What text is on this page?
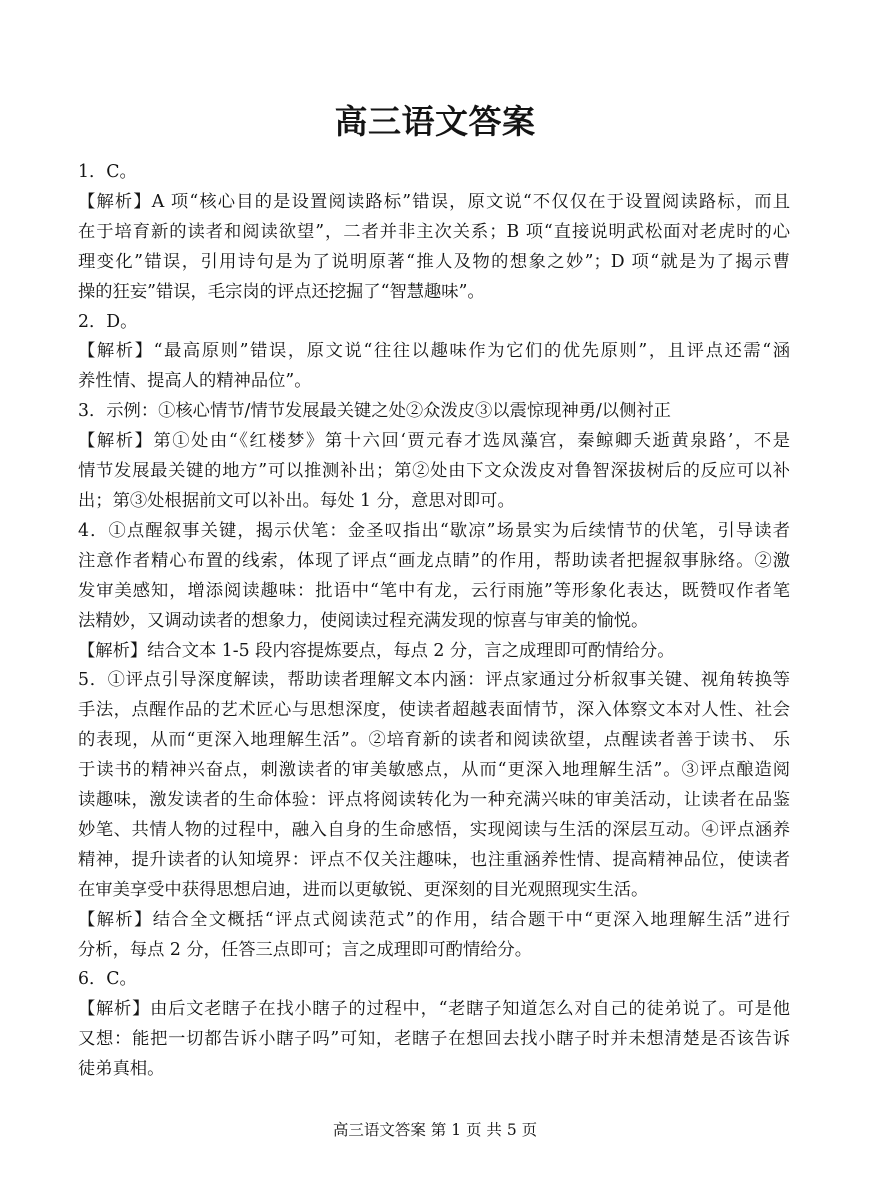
高三语文答案
1．C。
【解析】A 项“核心目的是设置阅读路标”错误，原文说“不仅仅在于设置阅读路标，而且
在于培育新的读者和阅读欲望”，二者并非主次关系；B 项“直接说明武松面对老虎时的心
理变化”错误，引用诗句是为了说明原著“推人及物的想象之妙”；D 项“就是为了揭示曹
操的狂妄”错误，毛宗岗的评点还挖掘了“智慧趣味”。
2．D。
【解析】“最高原则”错误，原文说“往往以趣味作为它们的优先原则”，且评点还需“涵
养性情、提高人的精神品位”。
3．示例：①核心情节/情节发展最关键之处②众泼皮③以震惊现神勇/以侧衬正
【解析】第①处由“《红楼梦》第十六回‘贾元春才选凤藻宫，秦鲸卿夭逝黄泉路’，不是
情节发展最关键的地方”可以推测补出；第②处由下文众泼皮对鲁智深拔树后的反应可以补
出；第③处根据前文可以补出。每处 1 分，意思对即可。
4．①点醒叙事关键，揭示伏笔：金圣叹指出“歇凉”场景实为后续情节的伏笔，引导读者
注意作者精心布置的线索，体现了评点“画龙点睛”的作用，帮助读者把握叙事脉络。②激
发审美感知，增添阅读趣味：批语中“笔中有龙，云行雨施”等形象化表达，既赞叹作者笔
法精妙，又调动读者的想象力，使阅读过程充满发现的惊喜与审美的愉悦。
【解析】结合文本 1-5 段内容提炼要点，每点 2 分，言之成理即可酌情给分。
5．①评点引导深度解读，帮助读者理解文本内涵：评点家通过分析叙事关键、视角转换等
手法，点醒作品的艺术匠心与思想深度，使读者超越表面情节，深入体察文本对人性、社会
的表现，从而“更深入地理解生活”。②培育新的读者和阅读欲望，点醒读者善于读书、 乐
于读书的精神兴奋点，刺激读者的审美敏感点，从而“更深入地理解生活”。③评点酿造阅
读趣味，激发读者的生命体验：评点将阅读转化为一种充满兴味的审美活动，让读者在品鉴
妙笔、共情人物的过程中，融入自身的生命感悟，实现阅读与生活的深层互动。④评点涵养
精神，提升读者的认知境界：评点不仅关注趣味，也注重涵养性情、提高精神品位，使读者
在审美享受中获得思想启迪，进而以更敏锐、更深刻的目光观照现实生活。
【解析】结合全文概括“评点式阅读范式”的作用，结合题干中“更深入地理解生活”进行
分析，每点 2 分，任答三点即可；言之成理即可酌情给分。
6．C。
【解析】由后文老瞎子在找小瞎子的过程中，“老瞎子知道怎么对自己的徒弟说了。可是他
又想：能把一切都告诉小瞎子吗”可知，老瞎子在想回去找小瞎子时并未想清楚是否该告诉
徒弟真相。
高三语文答案 第 1 页 共 5 页
